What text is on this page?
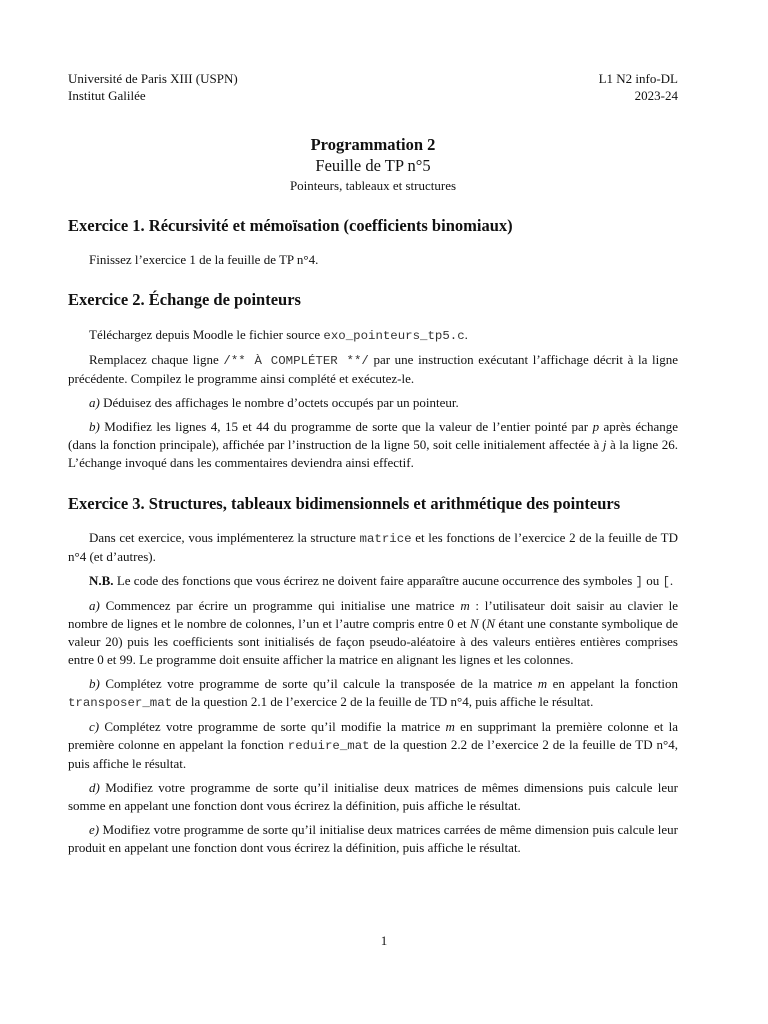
Université de Paris XIII (USPN)
Institut Galilée
L1 N2 info-DL
2023-24
Programmation 2
Feuille de TP n°5
Pointeurs, tableaux et structures
Exercice 1. Récursivité et mémoïsation (coefficients binomiaux)

Finissez l’exercice 1 de la feuille de TP n°4.

Exercice 2. Échange de pointeurs

Téléchargez depuis Moodle le fichier source exo_pointeurs_tp5.c.

Remplacez chaque ligne /** À COMPLÉTER **/ par une instruction exécutant l’affichage décrit à la ligne précédente. Compilez le programme ainsi complété et exécutez-le.

a) Déduisez des affichages le nombre d’octets occupés par un pointeur.

b) Modifiez les lignes 4, 15 et 44 du programme de sorte que la valeur de l’entier pointé par p après échange (dans la fonction principale), affichée par l’instruction de la ligne 50, soit celle initialement affectée à j à la ligne 26. L’échange invoqué dans les commentaires deviendra ainsi effectif.

Exercice 3. Structures, tableaux bidimensionnels et arithmétique des pointeurs

Dans cet exercice, vous implémenterez la structure matrice et les fonctions de l’exercice 2 de la feuille de TD n°4 (et d’autres).

N.B. Le code des fonctions que vous écrirez ne doivent faire apparaître aucune occurrence des symboles ] ou [.

a) Commencez par écrire un programme qui initialise une matrice m : l’utilisateur doit saisir au clavier le nombre de lignes et le nombre de colonnes, l’un et l’autre compris entre 0 et N (N étant une constante symbolique de valeur 20) puis les coefficients sont initialisés de façon pseudo-aléatoire à des valeurs entières entières comprises entre 0 et 99. Le programme doit ensuite afficher la matrice en alignant les lignes et les colonnes.

b) Complétez votre programme de sorte qu’il calcule la transposée de la matrice m en appelant la fonction transposer_mat de la question 2.1 de l’exercice 2 de la feuille de TD n°4, puis affiche le résultat.

c) Complétez votre programme de sorte qu’il modifie la matrice m en supprimant la première colonne et la première colonne en appelant la fonction reduire_mat de la question 2.2 de l’exercice 2 de la feuille de TD n°4, puis affiche le résultat.

d) Modifiez votre programme de sorte qu’il initialise deux matrices de mêmes dimensions puis calcule leur somme en appelant une fonction dont vous écrirez la définition, puis affiche le résultat.

e) Modifiez votre programme de sorte qu’il initialise deux matrices carrées de même dimension puis calcule leur produit en appelant une fonction dont vous écrirez la définition, puis affiche le résultat.

1
